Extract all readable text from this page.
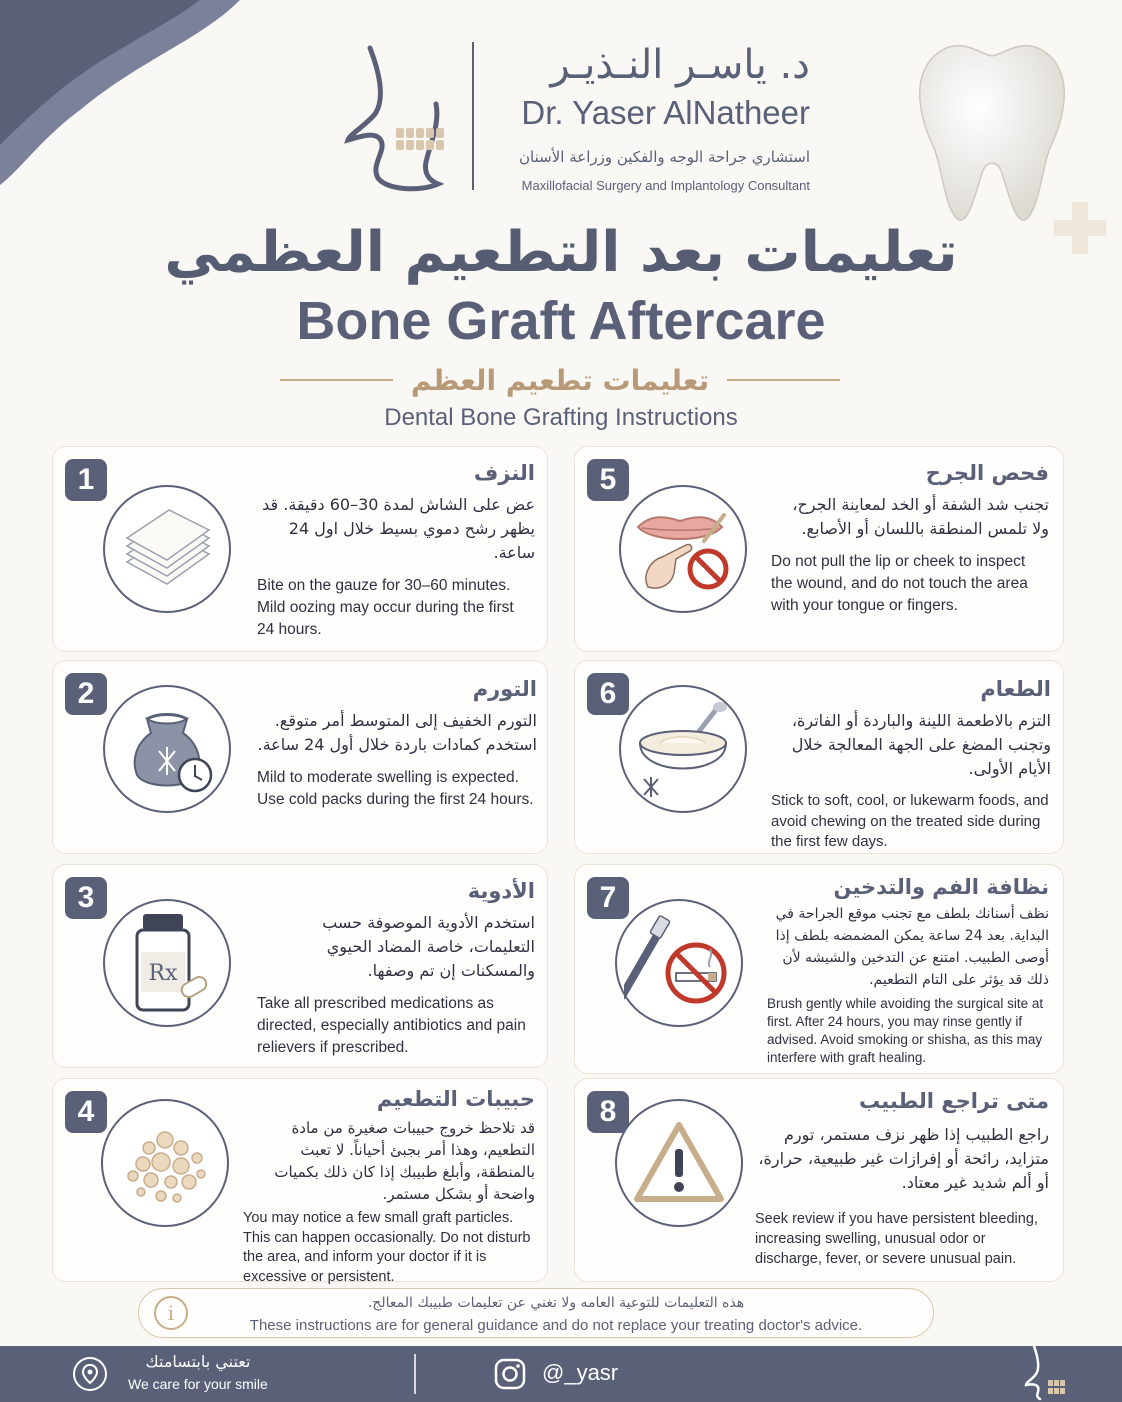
د. ياسـر النـذيـر
Dr. Yaser AlNatheer
استشاري جراحة الوجه والفكين وزراعة الأسنان
Maxillofacial Surgery and Implantology Consultant
تعليمات بعد التطعيم العظمي
Bone Graft Aftercare
تعليمات تطعيم العظم
Dental Bone Grafting Instructions
1	النزف
عض على الشاش لمدة 30–60 دقيقة. قد يظهر رشح دموي بسيط خلال اول 24 ساعة.
Bite on the gauze for 30–60 minutes. Mild oozing may occur during the first 24 hours.
2	التورم
التورم الخفيف إلى المتوسط أمر متوقع. استخدم كمادات باردة خلال أول 24 ساعة.
Mild to moderate swelling is expected. Use cold packs during the first 24 hours.
3
Rx
الأدوية
استخدم الأدوية الموصوفة حسب التعليمات، خاصة المضاد الحيوي والمسكنات إن تم وصفها.
Take all prescribed medications as directed, especially antibiotics and pain relievers if prescribed.
4	حبيبات التطعيم
قد تلاحظ خروج حبيبات صغيرة من مادة التطعيم، وهذا أمر بجبئ أحياناً. لا تعبث بالمنطقة، وأبلغ طبيبك إذا كان ذلك بكميات واضحة أو بشكل مستمر.
You may notice a few small graft particles. This can happen occasionally. Do not disturb the area, and inform your doctor if it is excessive or persistent.
5	فحص الجرح
تجنب شد الشفة أو الخد لمعاينة الجرح، ولا تلمس المنطقة باللسان أو الأصابع.
Do not pull the lip or cheek to inspect the wound, and do not touch the area with your tongue or fingers.
6	الطعام
التزم بالاطعمة اللينة والباردة أو الفاترة، وتجنب المضغ على الجهة المعالجة خلال الأيام الأولى.
Stick to soft, cool, or lukewarm foods, and avoid chewing on the treated side during the first few days.
7	نظافة الفم والتدخين
نظف أسنانك بلطف مع تجنب موقع الجراحة في البداية. بعد 24 ساعة يمكن المضمضه بلطف إذا أوصى الطبيب. امتنع عن التدخين والشيشه لأن ذلك قد يؤثر على التام التطعيم.
Brush gently while avoiding the surgical site at first. After 24 hours, you may rinse gently if advised. Avoid smoking or shisha, as this may interfere with graft healing.
8	متى تراجع الطبيب
راجع الطبيب إذا ظهر نزف مستمر، تورم متزايد، رائحة أو إفرازات غير طبيعية، حرارة، أو ألم شديد غير معتاد.
Seek review if you have persistent bleeding, increasing swelling, unusual odor or discharge, fever, or severe unusual pain.
i	هذه التعليمات للتوعية العامه ولا تغني عن تعليمات طبيبك المعالج.
These instructions are for general guidance and do not replace your treating doctor's advice.
تعتني بابتسامتك
We care for your smile	@_yasr
